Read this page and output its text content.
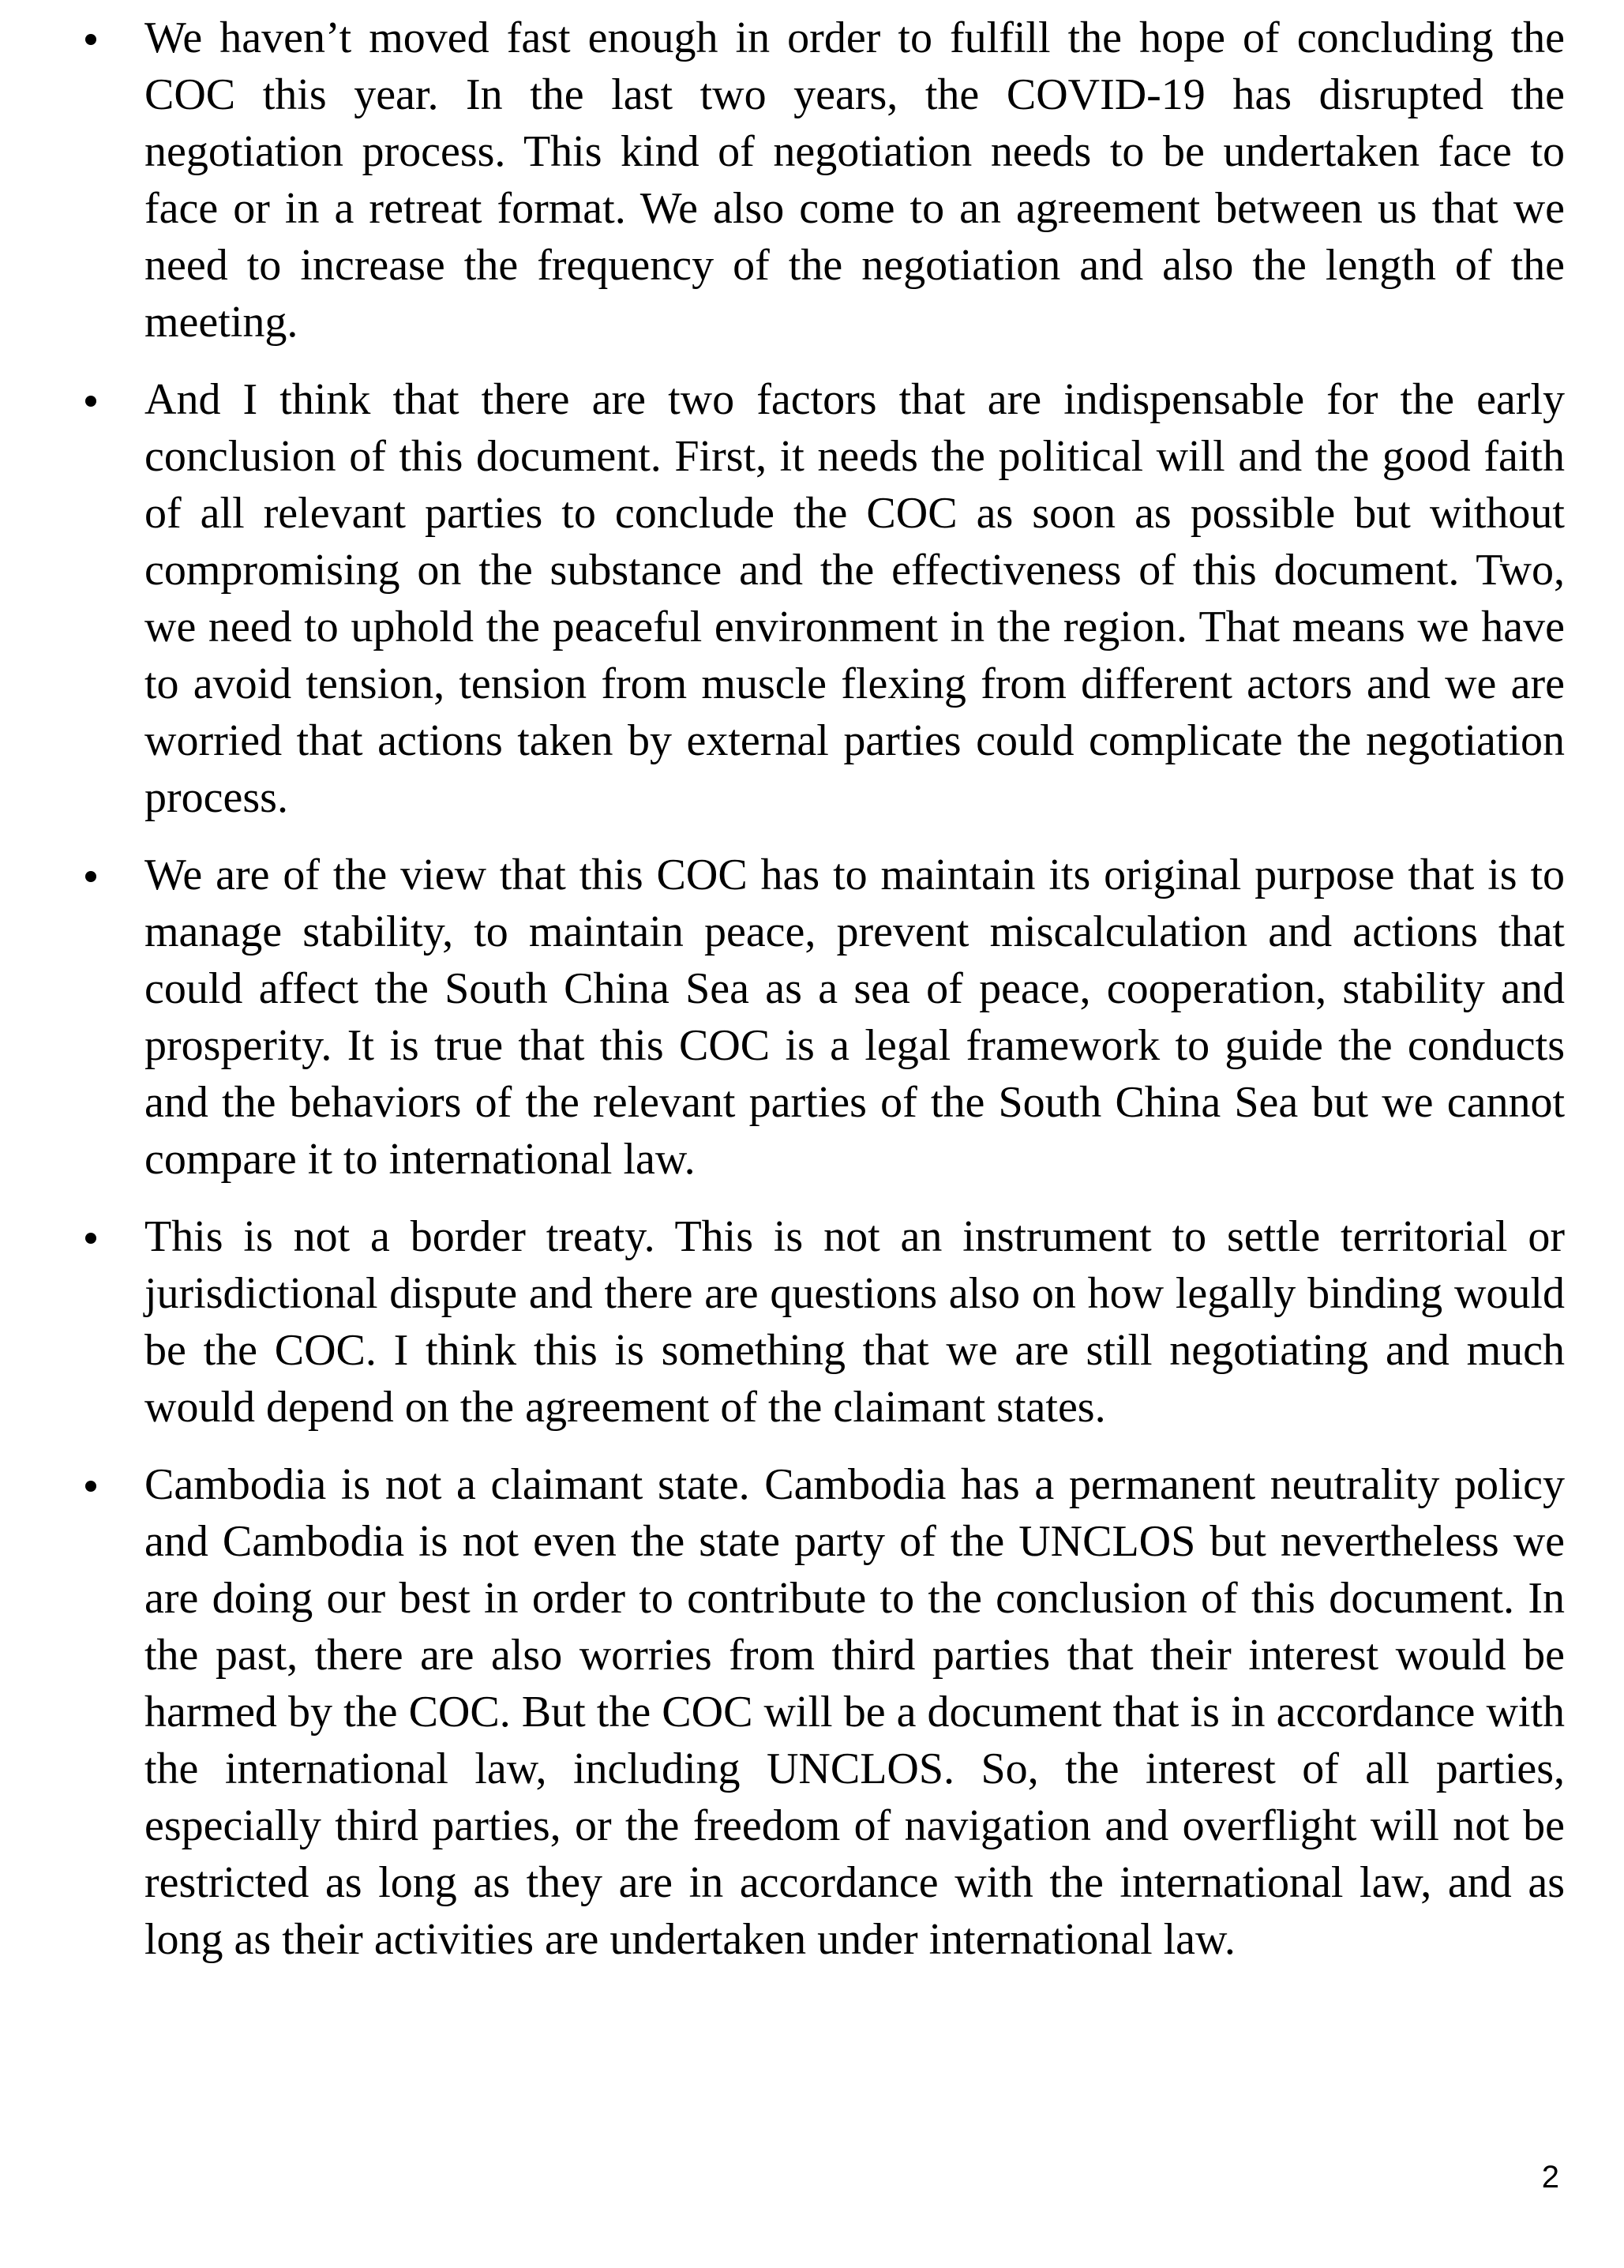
We haven’t moved fast enough in order to fulfill the hope of concluding the COC this year. In the last two years, the COVID-19 has disrupted the negotiation process. This kind of negotiation needs to be undertaken face to face or in a retreat format. We also come to an agreement between us that we need to increase the frequency of the negotiation and also the length of the meeting.
And I think that there are two factors that are indispensable for the early conclusion of this document. First, it needs the political will and the good faith of all relevant parties to conclude the COC as soon as possible but without compromising on the substance and the effectiveness of this document. Two, we need to uphold the peaceful environment in the region. That means we have to avoid tension, tension from muscle flexing from different actors and we are worried that actions taken by external parties could complicate the negotiation process.
We are of the view that this COC has to maintain its original purpose that is to manage stability, to maintain peace, prevent miscalculation and actions that could affect the South China Sea as a sea of peace, cooperation, stability and prosperity. It is true that this COC is a legal framework to guide the conducts and the behaviors of the relevant parties of the South China Sea but we cannot compare it to international law.
This is not a border treaty. This is not an instrument to settle territorial or jurisdictional dispute and there are questions also on how legally binding would be the COC. I think this is something that we are still negotiating and much would depend on the agreement of the claimant states.
Cambodia is not a claimant state. Cambodia has a permanent neutrality policy and Cambodia is not even the state party of the UNCLOS but nevertheless we are doing our best in order to contribute to the conclusion of this document. In the past, there are also worries from third parties that their interest would be harmed by the COC. But the COC will be a document that is in accordance with the international law, including UNCLOS. So, the interest of all parties, especially third parties, or the freedom of navigation and overflight will not be restricted as long as they are in accordance with the international law, and as long as their activities are undertaken under international law.
2
